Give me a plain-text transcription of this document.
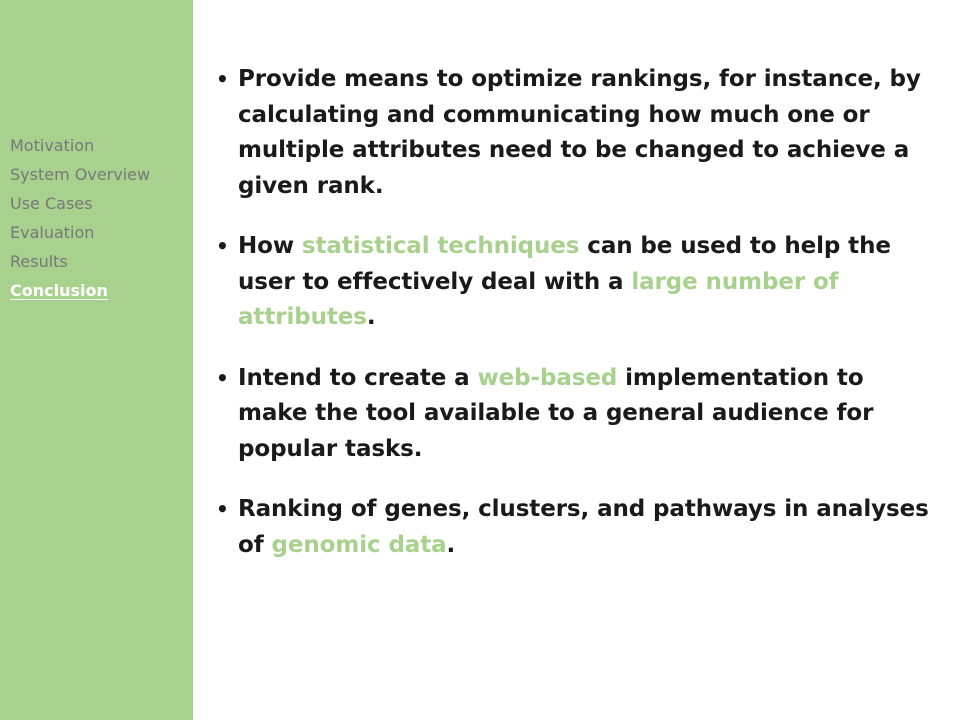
Motivation
System Overview
Use Cases
Evaluation
Results
Conclusion
• Provide means to optimize rankings, for instance, by calculating and communicating how much one or multiple attributes need to be changed to achieve a given rank.
• How statistical techniques can be used to help the user to effectively deal with a large number of attributes.
• Intend to create a web-based implementation to make the tool available to a general audience for popular tasks.
• Ranking of genes, clusters, and pathways in analyses of genomic data.
